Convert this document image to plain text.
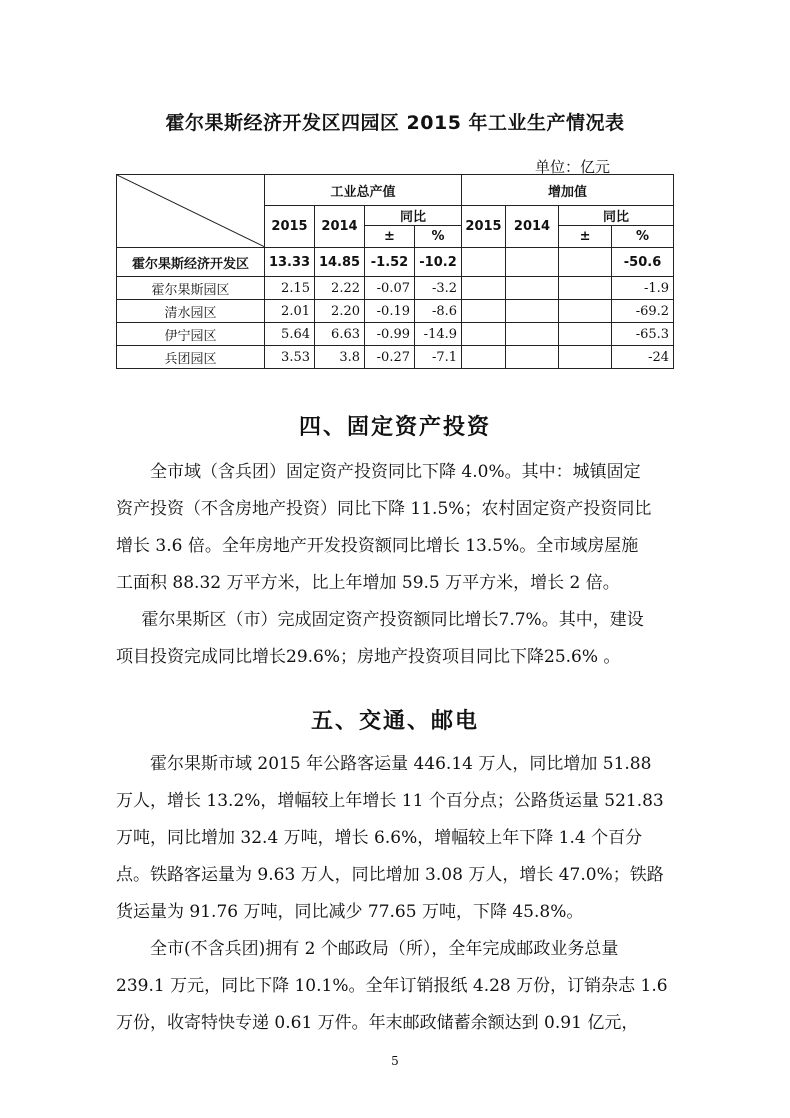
霍尔果斯经济开发区四园区 2015 年工业生产情况表
单位：亿元
	工业总产值				增加值			
	2015	2014	同比		2015	2014	同比	
			±	%			±	%
霍尔果斯经济开发区	13.33	14.85	-1.52	-10.2				-50.6
霍尔果斯园区	2.15	2.22	-0.07	-3.2				-1.9
清水园区	2.01	2.20	-0.19	-8.6				-69.2
伊宁园区	5.64	6.63	-0.99	-14.9				-65.3
兵团园区	3.53	3.8	-0.27	-7.1				-24
四、固定资产投资
全市域（含兵团）固定资产投资同比下降 4.0%。其中：城镇固定
资产投资（不含房地产投资）同比下降 11.5%；农村固定资产投资同比
增长 3.6 倍。全年房地产开发投资额同比增长 13.5%。全市域房屋施
工面积 88.32 万平方米，比上年增加 59.5 万平方米，增长 2 倍。
霍尔果斯区（市）完成固定资产投资额同比增长7.7%。其中，建设
项目投资完成同比增长29.6%；房地产投资项目同比下降25.6% 。
五、交通、邮电
霍尔果斯市域 2015 年公路客运量 446.14 万人，同比增加 51.88
万人，增长 13.2%，增幅较上年增长 11 个百分点；公路货运量 521.83
万吨，同比增加 32.4 万吨，增长 6.6%，增幅较上年下降 1.4 个百分
点。铁路客运量为 9.63 万人，同比增加 3.08 万人，增长 47.0%；铁路
货运量为 91.76 万吨，同比减少 77.65 万吨，下降 45.8%。
全市(不含兵团)拥有 2 个邮政局（所），全年完成邮政业务总量
239.1 万元，同比下降 10.1%。全年订销报纸 4.28 万份，订销杂志 1.6
万份，收寄特快专递 0.61 万件。年末邮政储蓄余额达到 0.91 亿元，
5
